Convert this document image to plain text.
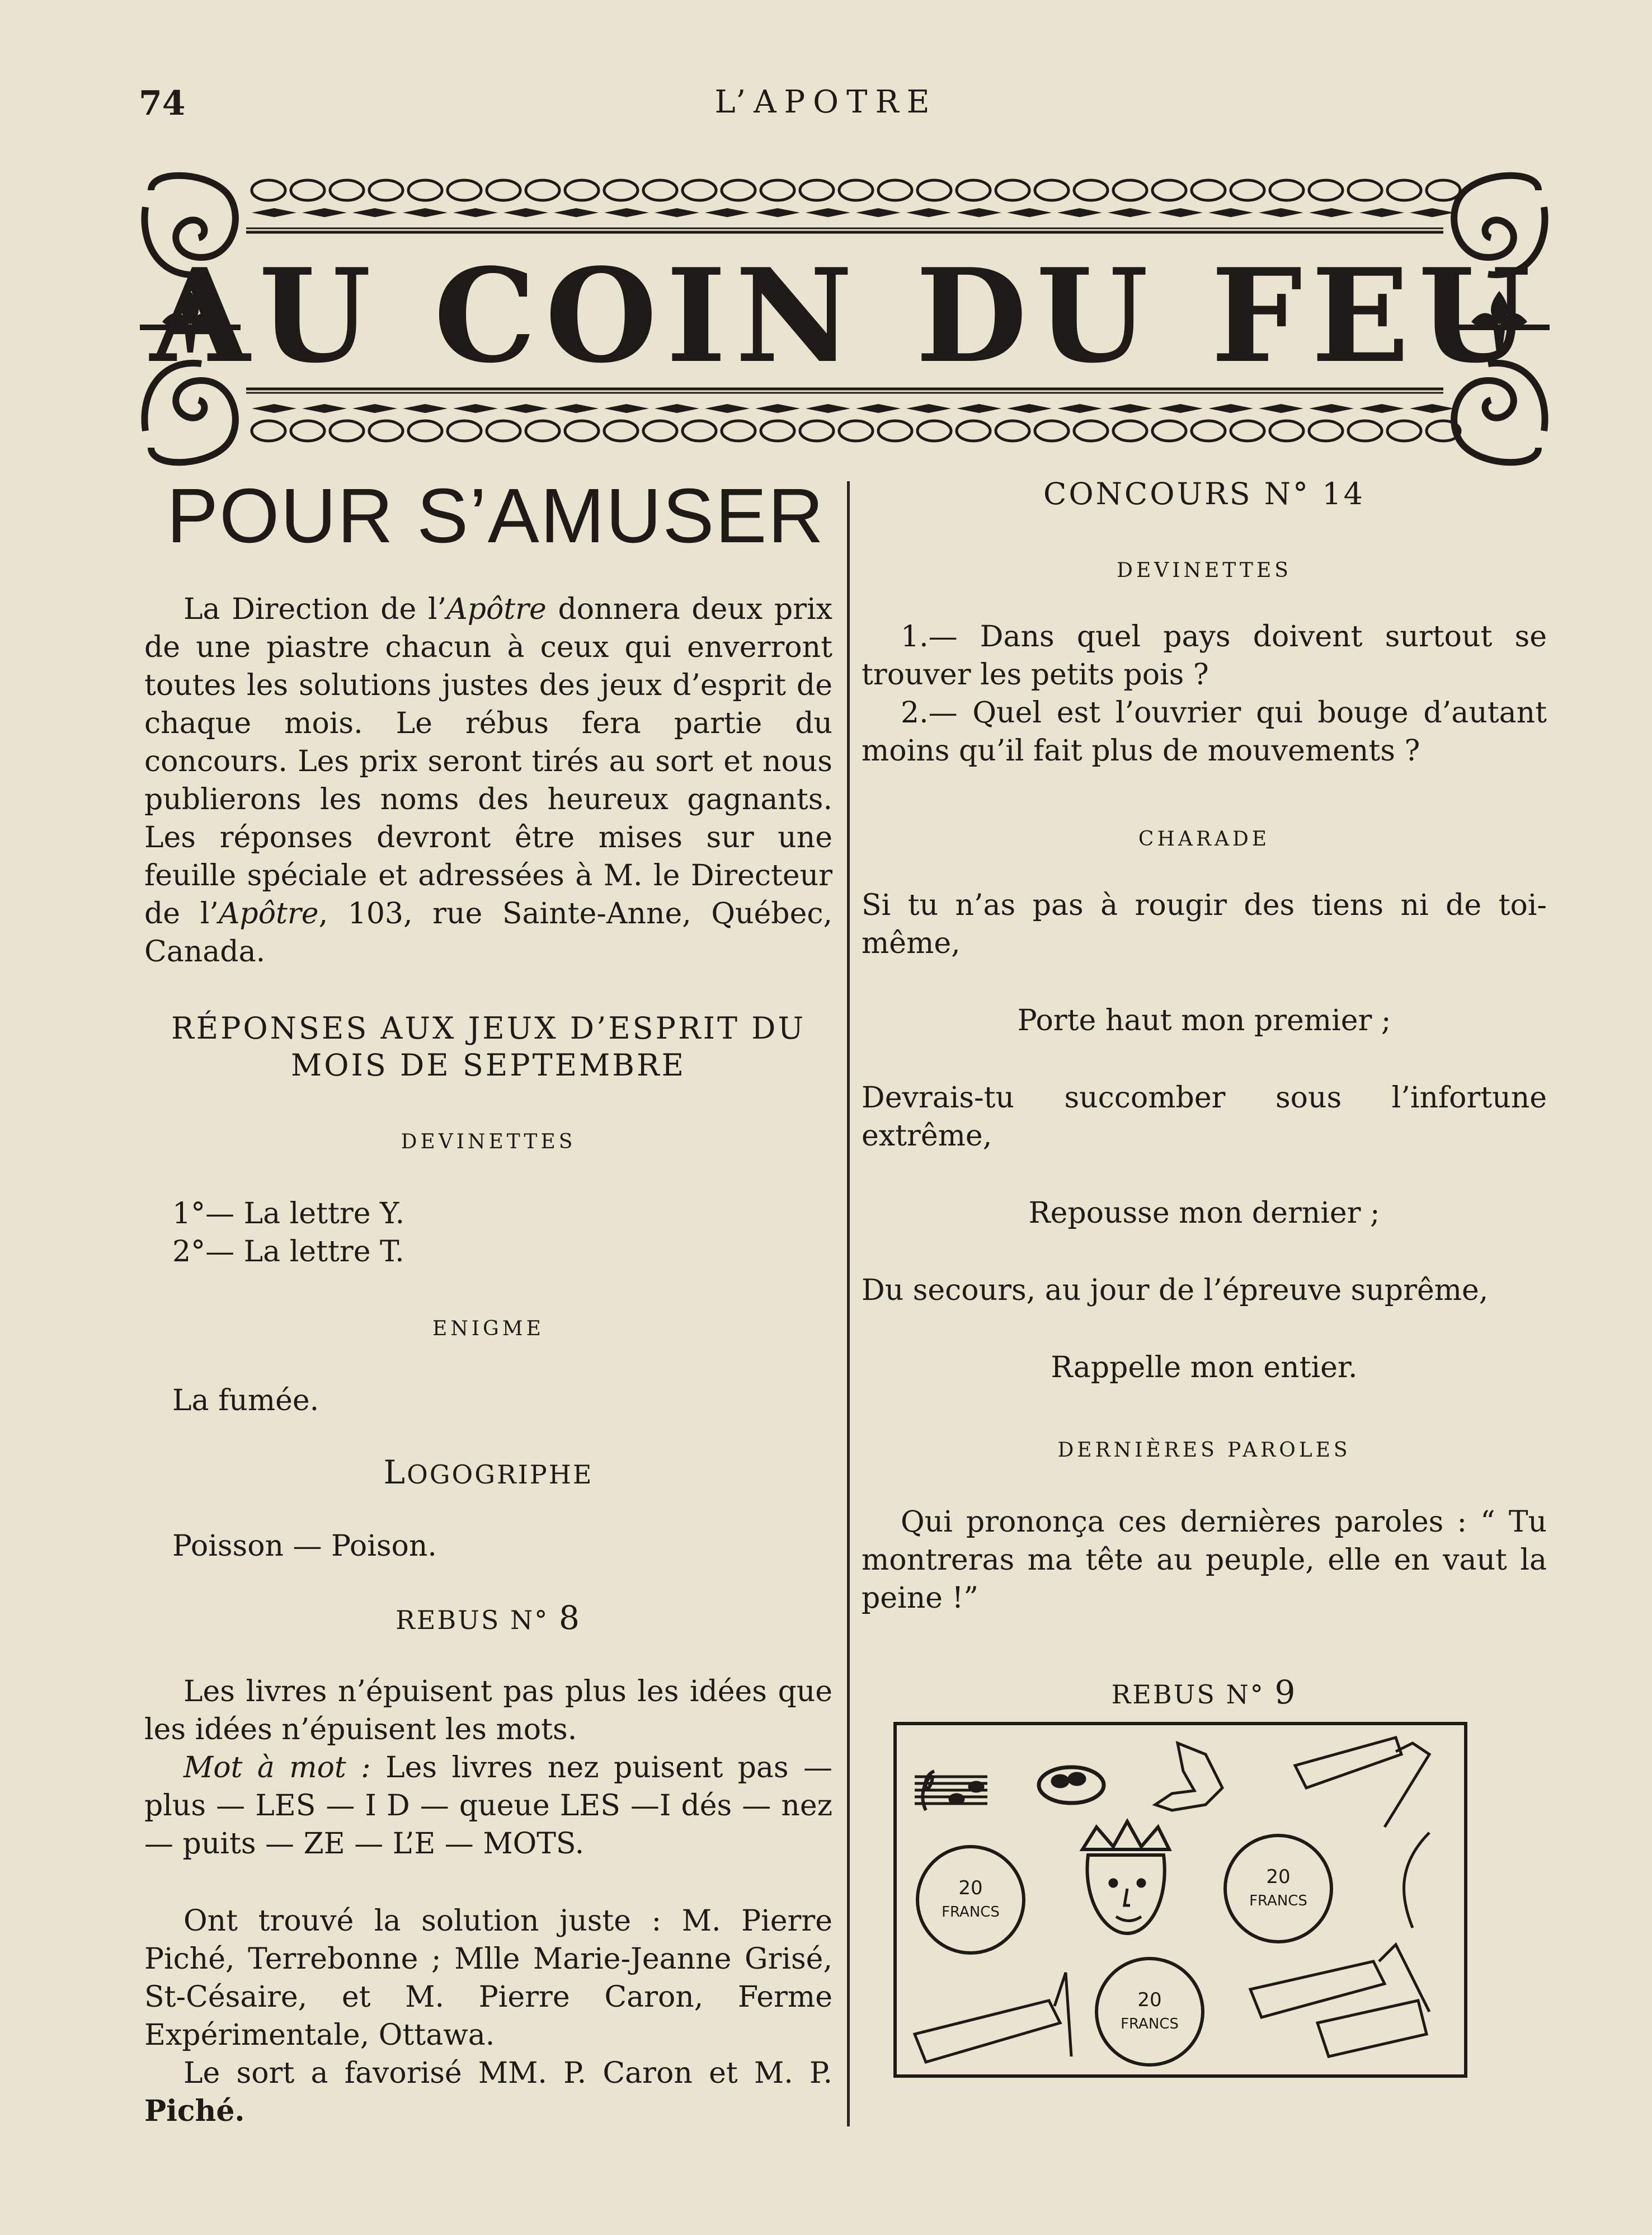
74	L’APOTRE
AU COIN DU FEU
POUR S’AMUSER

La Direction de l’Apôtre donnera deux prix de une piastre chacun à ceux qui enverront toutes les solutions justes des jeux d’esprit de chaque mois. Le rébus fera partie du concours. Les prix seront tirés au sort et nous publierons les noms des heureux gagnants. Les réponses devront être mises sur une feuille spéciale et adressées à M. le Directeur de l’Apôtre, 103, rue Sainte-Anne, Québec, Canada.

RÉPONSES AUX JEUX D’ESPRIT DU MOIS DE SEPTEMBRE

DEVINETTES

1°— La lettre Y.

2°— La lettre T.

ENIGME

La fumée.

LOGOGRIPHE

Poisson — Poison.

REBUS N° 8

Les livres n’épuisent pas plus les idées que les idées n’épuisent les mots.

Mot à mot : Les livres nez puisent pas — plus — LES — I D — queue LES —I dés — nez— puits — ZE — L’E — MOTS.

Ont trouvé la solution juste : M. Pierre Piché, Terrebonne ; Mlle Marie-Jeanne Grisé, St-Césaire, et M. Pierre Caron, Ferme Expérimentale, Ottawa.

Le sort a favorisé MM. P. Caron et M. P. Piché.

CONCOURS N° 14

DEVINETTES

1.— Dans quel pays doivent surtout se trouver les petits pois ?

2.— Quel est l’ouvrier qui bouge d’autant moins qu’il fait plus de mouvements ?

CHARADE

Si tu n’as pas à rougir des tiens ni de toi-même,

Porte haut mon premier ;

Devrais-tu succomber sous l’infortune extrême,

Repousse mon dernier ;

Du secours, au jour de l’épreuve suprême,

Rappelle mon entier.

DERNIÈRES PAROLES

Qui prononça ces dernières paroles : “ Tu montreras ma tête au peuple, elle en vaut la peine !”

REBUS N° 9

20
FRANCS
20
FRANCS
20
FRANCS
